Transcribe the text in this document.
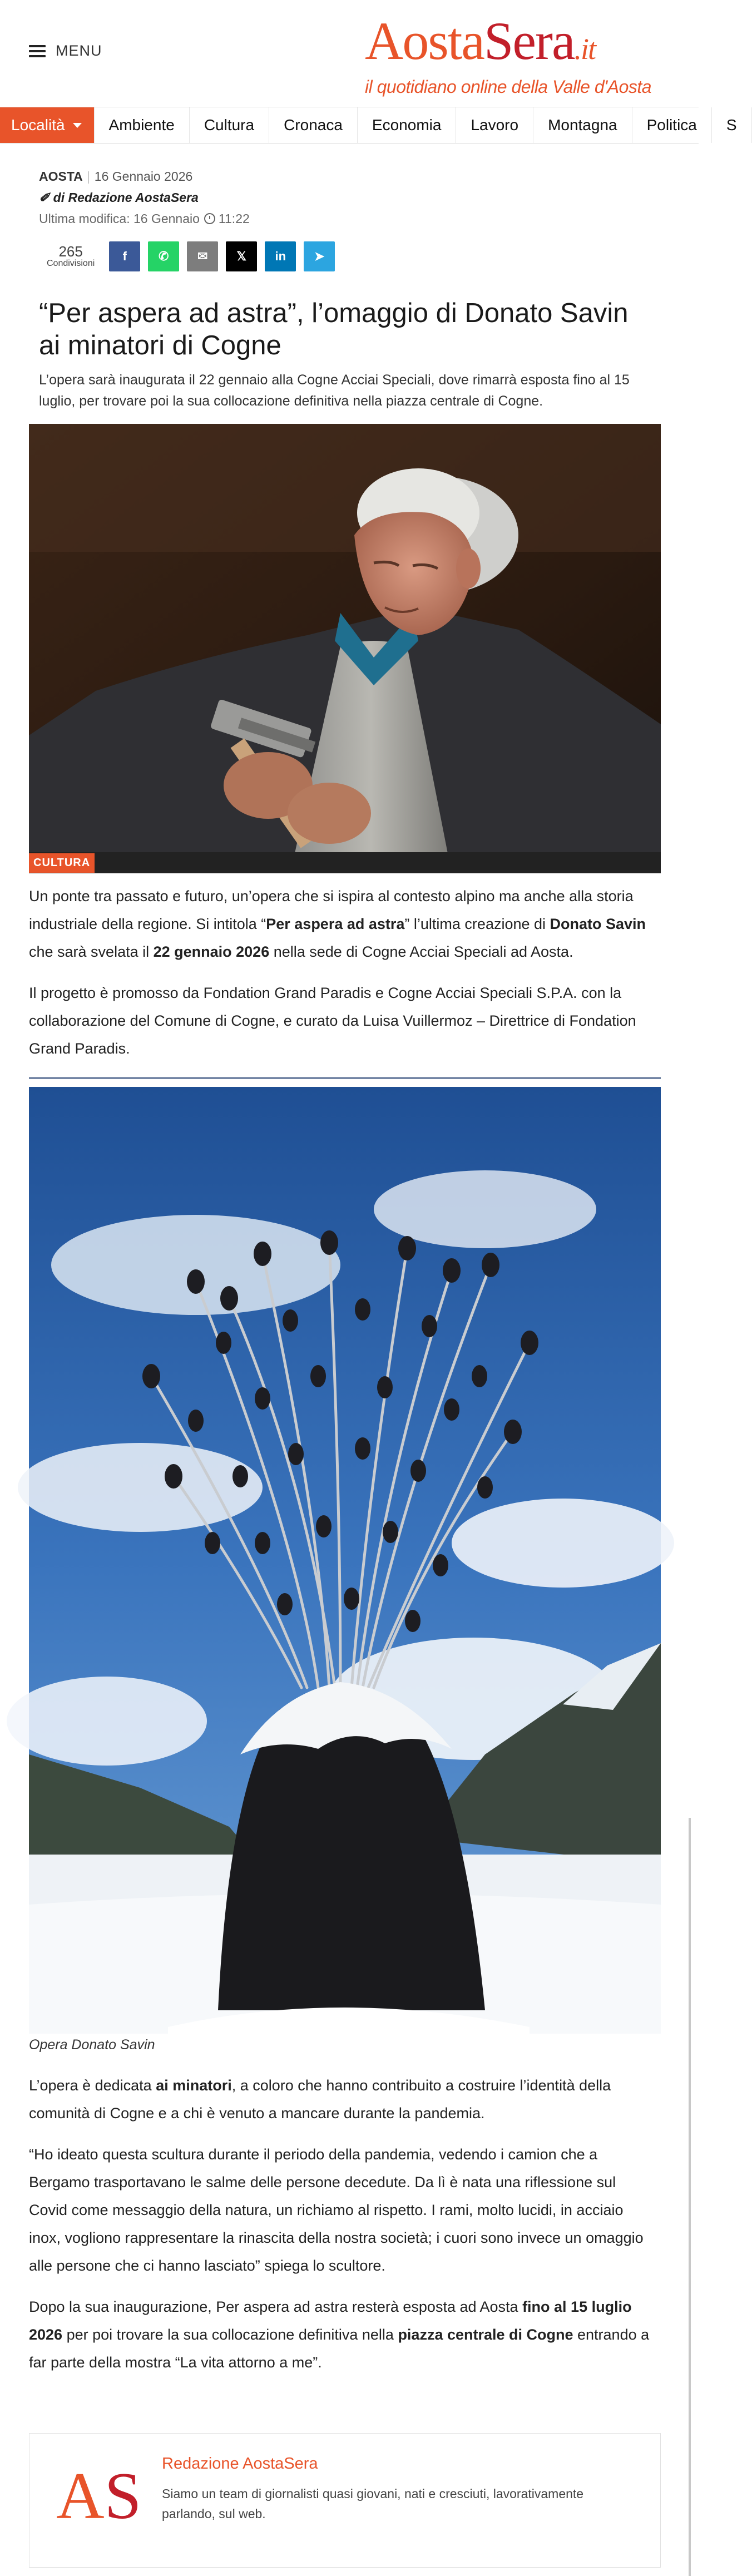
MENU	AostaSera.it
il quotidiano online della Valle d'Aosta
Località	Ambiente	Cultura	Cronaca	Economia	Lavoro	Montagna	Politica	S
AOSTA 16 Gennaio 2026
✐ di Redazione AostaSera
Ultima modifica: 16 Gennaio 11:22
265
Condivisioni
f	✆ ✉ 𝕏 in ➤
“Per aspera ad astra”, l’omaggio di Donato Savin ai minatori di Cogne
L’opera sarà inaugurata il 22 gennaio alla Cogne Acciai Speciali, dove rimarrà esposta fino al 15 luglio, per trovare poi la sua collocazione definitiva nella piazza centrale di Cogne.
CULTURA
Un ponte tra passato e futuro, un’opera che si ispira al contesto alpino ma anche alla storia industriale della regione. Si intitola “Per aspera ad astra” l’ultima creazione di Donato Savin che sarà svelata il 22 gennaio 2026 nella sede di Cogne Acciai Speciali ad Aosta.
Il progetto è promosso da Fondation Grand Paradis e Cogne Acciai Speciali S.P.A. con la collaborazione del Comune di Cogne, e curato da Luisa Vuillermoz – Direttrice di Fondation Grand Paradis.
Opera Donato Savin
L’opera è dedicata ai minatori, a coloro che hanno contribuito a costruire l’identità della comunità di Cogne e a chi è venuto a mancare durante la pandemia.
“Ho ideato questa scultura durante il periodo della pandemia, vedendo i camion che a Bergamo trasportavano le salme delle persone decedute. Da lì è nata una riflessione sul Covid come messaggio della natura, un richiamo al rispetto. I rami, molto lucidi, in acciaio inox, vogliono rappresentare la rinascita della nostra società; i cuori sono invece un omaggio alle persone che ci hanno lasciato” spiega lo scultore.
Dopo la sua inaugurazione, Per aspera ad astra resterà esposta ad Aosta fino al 15 luglio 2026 per poi trovare la sua collocazione definitiva nella piazza centrale di Cogne entrando a far parte della mostra “La vita attorno a me”.
AS Redazione AostaSera
Siamo un team di giornalisti quasi giovani, nati e cresciuti, lavorativamente parlando, sul web.
